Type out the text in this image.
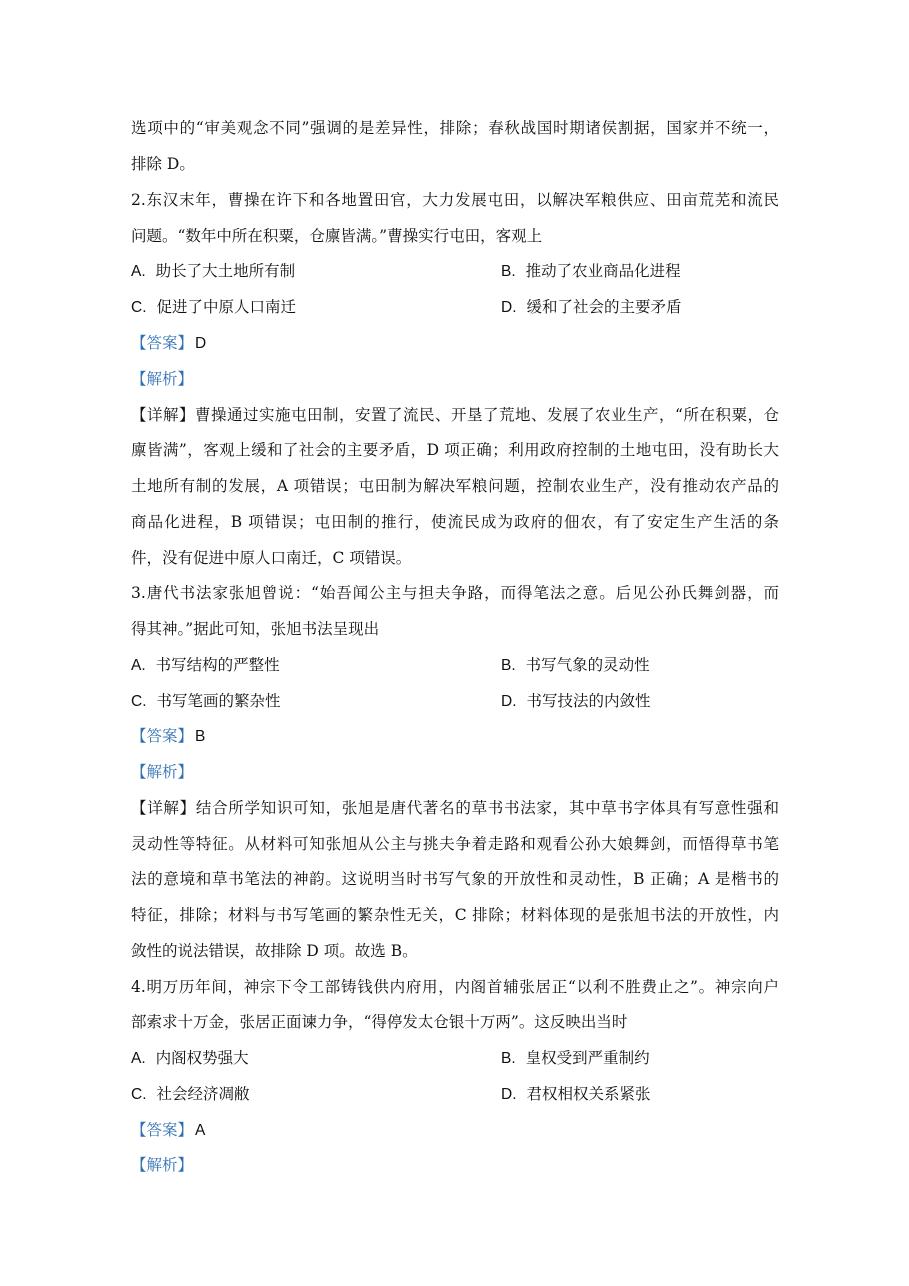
选项中的“审美观念不同”强调的是差异性，排除；春秋战国时期诸侯割据，国家并不统一，
排除 D。
2.东汉末年，曹操在许下和各地置田官，大力发展屯田，以解决军粮供应、田亩荒芜和流民
问题。“数年中所在积粟，仓廪皆满。”曹操实行屯田，客观上
A. 助长了大土地所有制	B. 推动了农业商品化进程
C. 促进了中原人口南迁	D. 缓和了社会的主要矛盾
【答案】 D
【解析】
【详解】曹操通过实施屯田制，安置了流民、开垦了荒地、发展了农业生产，“所在积粟，仓
廪皆满”，客观上缓和了社会的主要矛盾，D 项正确；利用政府控制的土地屯田，没有助长大
土地所有制的发展，A 项错误；屯田制为解决军粮问题，控制农业生产，没有推动农产品的
商品化进程，B 项错误；屯田制的推行，使流民成为政府的佃农，有了安定生产生活的条
件，没有促进中原人口南迁，C 项错误。
3.唐代书法家张旭曾说：“始吾闻公主与担夫争路，而得笔法之意。后见公孙氏舞剑器，而
得其神。”据此可知，张旭书法呈现出
A. 书写结构的严整性	B. 书写气象的灵动性
C. 书写笔画的繁杂性	D. 书写技法的内敛性
【答案】 B
【解析】
【详解】结合所学知识可知，张旭是唐代著名的草书书法家，其中草书字体具有写意性强和
灵动性等特征。从材料可知张旭从公主与挑夫争着走路和观看公孙大娘舞剑，而悟得草书笔
法的意境和草书笔法的神韵。这说明当时书写气象的开放性和灵动性，B 正确；A 是楷书的
特征，排除；材料与书写笔画的繁杂性无关，C 排除；材料体现的是张旭书法的开放性，内
敛性的说法错误，故排除 D 项。故选 B。
4.明万历年间，神宗下令工部铸钱供内府用，内阁首辅张居正“以利不胜费止之”。神宗向户
部索求十万金，张居正面谏力争，“得停发太仓银十万两”。这反映出当时
A. 内阁权势强大	B. 皇权受到严重制约
C. 社会经济凋敝	D. 君权相权关系紧张
【答案】 A
【解析】
